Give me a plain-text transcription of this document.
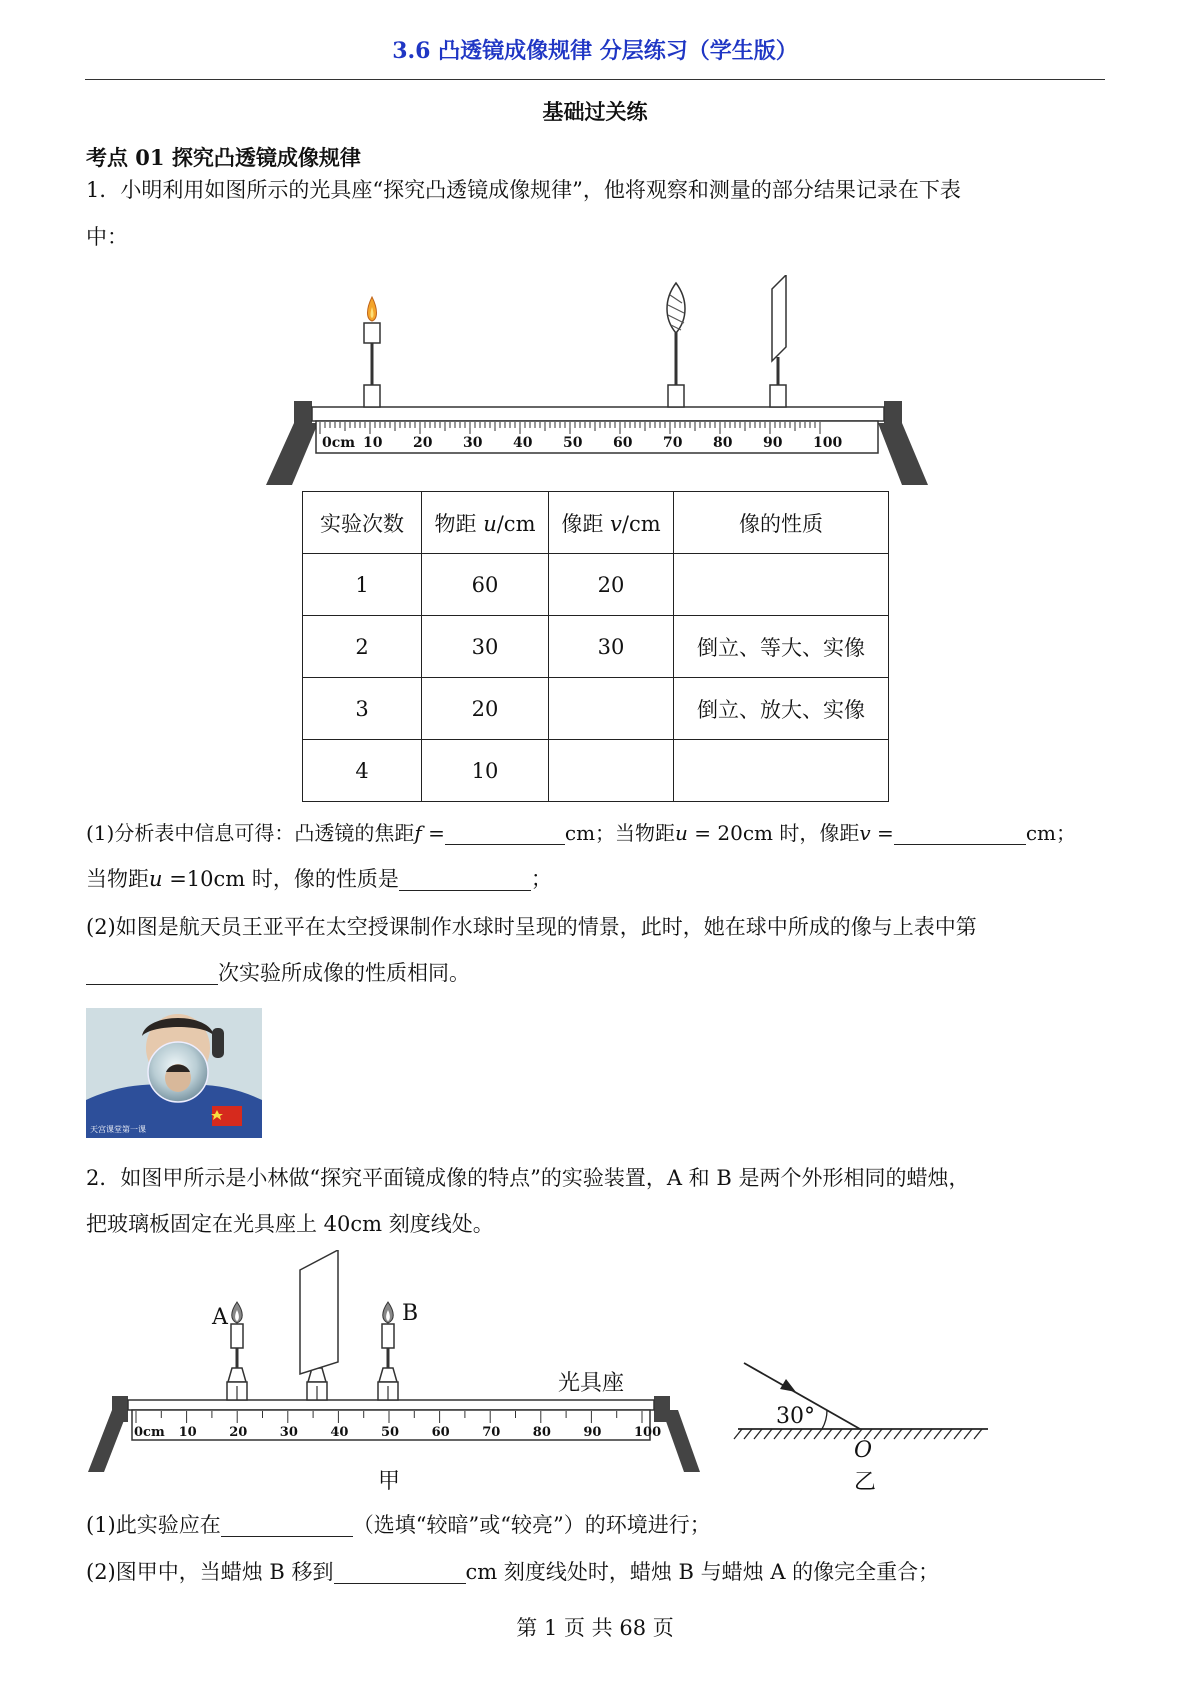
3.6 凸透镜成像规律 分层练习（学生版）
基础过关练
考点 01 探究凸透镜成像规律
1．小明利用如图所示的光具座“探究凸透镜成像规律”，他将观察和测量的部分结果记录在下表
中：
0cm 10 20 30 40 50 60 70 80 90 100
实验次数	物距 u/cm	像距 v/cm	像的性质
1	60	20	
2	30	30	倒立、等大、实像
3	20		倒立、放大、实像
4	10		
(1)分析表中信息可得：凸透镜的焦距f =	cm；当物距u = 20cm 时，像距v =	cm；
当物距u =10cm 时，像的性质是	；
(2)如图是航天员王亚平在太空授课制作水球时呈现的情景，此时，她在球中所成的像与上表中第
次实验所成像的性质相同。
天宫课堂第一课
2．如图甲所示是小林做“探究平面镜成像的特点”的实验装置，A 和 B 是两个外形相同的蜡烛，
把玻璃板固定在光具座上 40cm 刻度线处。
0cm 10	20	30	40	50	60	70	80	90	100
A	B
光具座
甲
30°
O
乙
(1)此实验应在	（选填“较暗”或“较亮”）的环境进行；
(2)图甲中，当蜡烛 B 移到	cm 刻度线处时，蜡烛 B 与蜡烛 A 的像完全重合；
第 1 页 共 68 页
